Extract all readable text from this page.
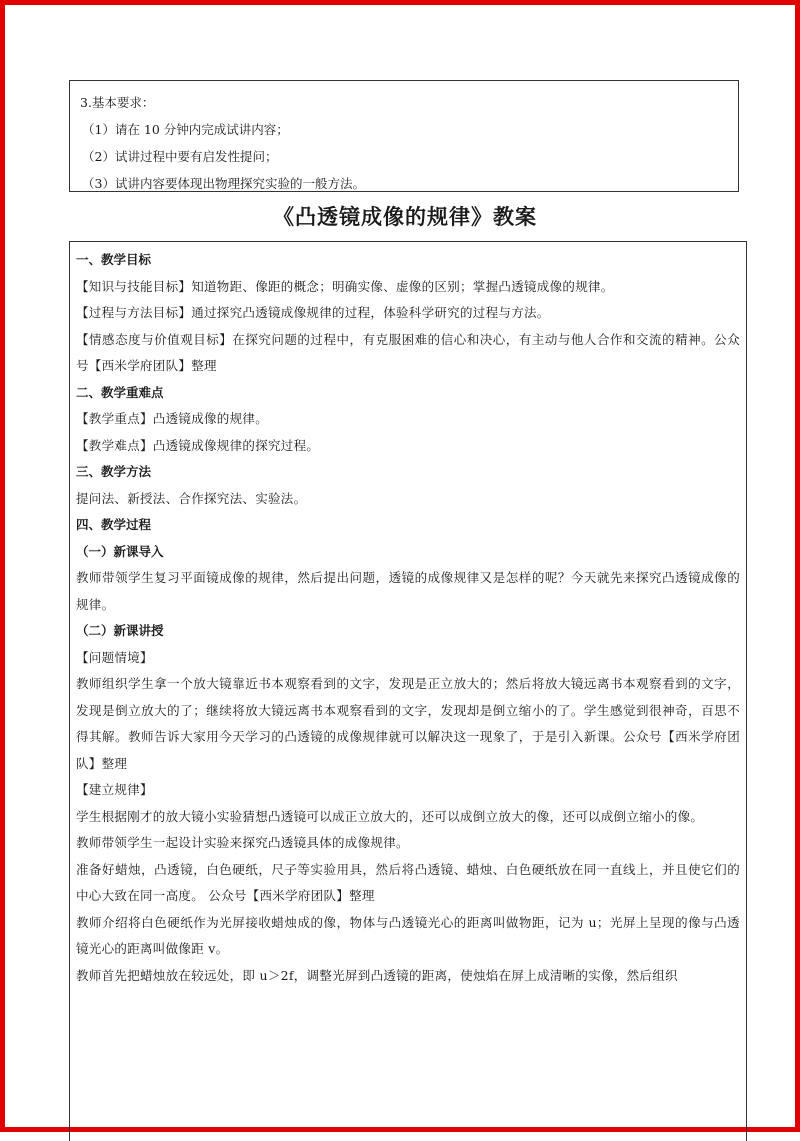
3.基本要求：
（1）请在 10 分钟内完成试讲内容；
（2）试讲过程中要有启发性提问；
（3）试讲内容要体现出物理探究实验的一般方法。
《凸透镜成像的规律》教案
一、教学目标
【知识与技能目标】知道物距、像距的概念；明确实像、虚像的区别；掌握凸透镜成像的规律。
【过程与方法目标】通过探究凸透镜成像规律的过程，体验科学研究的过程与方法。
【情感态度与价值观目标】在探究问题的过程中，有克服困难的信心和决心，有主动与他人合作和交流的精神。公众号【西米学府团队】整理
二、教学重难点
【教学重点】凸透镜成像的规律。
【教学难点】凸透镜成像规律的探究过程。
三、教学方法
提问法、新授法、合作探究法、实验法。
四、教学过程
（一）新课导入
教师带领学生复习平面镜成像的规律，然后提出问题，透镜的成像规律又是怎样的呢？今天就先来探究凸透镜成像的规律。
（二）新课讲授
【问题情境】
教师组织学生拿一个放大镜靠近书本观察看到的文字，发现是正立放大的；然后将放大镜远离书本观察看到的文字，发现是倒立放大的了；继续将放大镜远离书本观察看到的文字，发现却是倒立缩小的了。学生感觉到很神奇，百思不得其解。教师告诉大家用今天学习的凸透镜的成像规律就可以解决这一现象了，于是引入新课。公众号【西米学府团队】整理
【建立规律】
学生根据刚才的放大镜小实验猜想凸透镜可以成正立放大的，还可以成倒立放大的像，还可以成倒立缩小的像。
教师带领学生一起设计实验来探究凸透镜具体的成像规律。
准备好蜡烛，凸透镜，白色硬纸，尺子等实验用具，然后将凸透镜、蜡烛、白色硬纸放在同一直线上，并且使它们的中心大致在同一高度。 公众号【西米学府团队】整理
教师介绍将白色硬纸作为光屏接收蜡烛成的像，物体与凸透镜光心的距离叫做物距，记为 u；光屏上呈现的像与凸透镜光心的距离叫做像距 v。
教师首先把蜡烛放在较远处，即 u＞2f，调整光屏到凸透镜的距离，使烛焰在屏上成清晰的实像，然后组织
